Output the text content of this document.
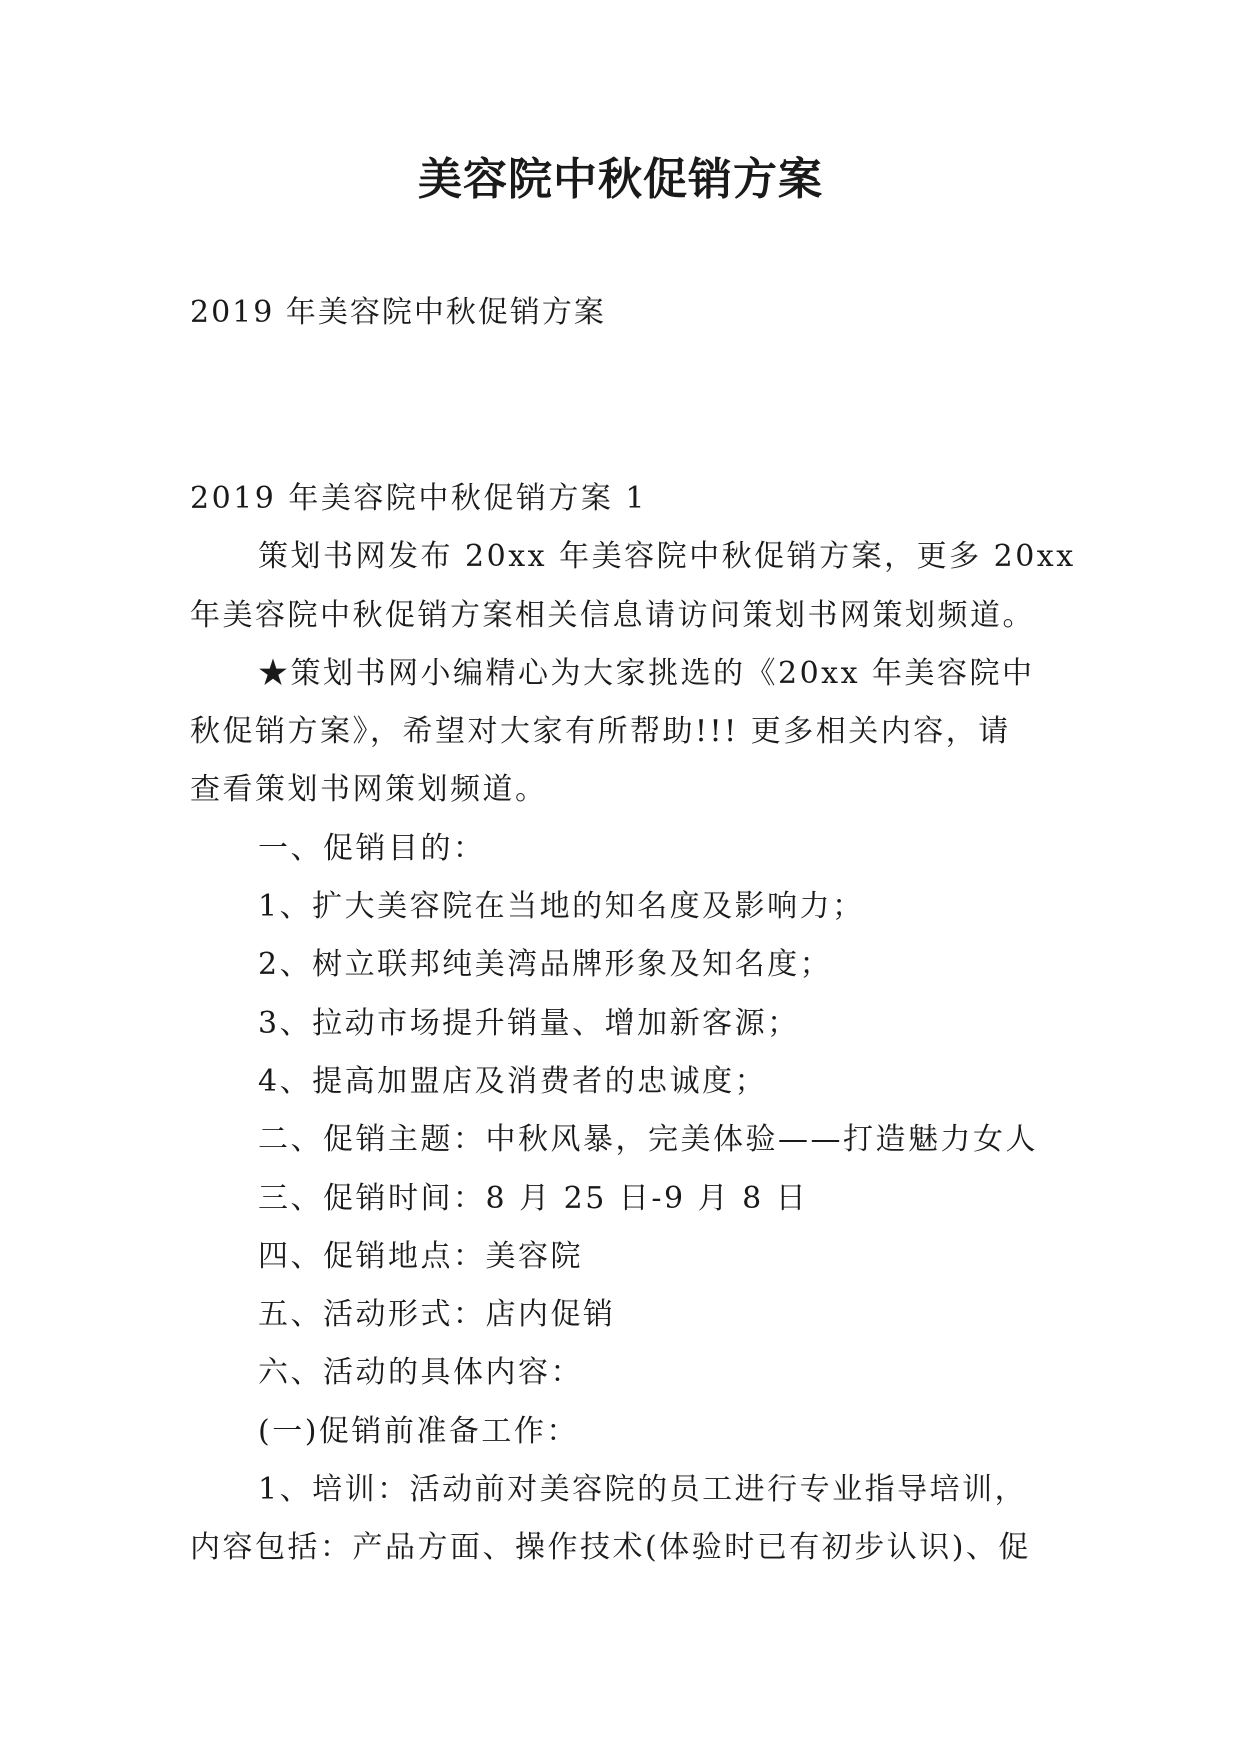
美容院中秋促销方案

2019 年美容院中秋促销方案

2019 年美容院中秋促销方案 1

策划书网发布 20xx 年美容院中秋促销方案，更多 20xx

年美容院中秋促销方案相关信息请访问策划书网策划频道。

★策划书网小编精心为大家挑选的《20xx 年美容院中

秋促销方案》，希望对大家有所帮助!!! 更多相关内容，请

查看策划书网策划频道。

一、促销目的：

1、扩大美容院在当地的知名度及影响力；

2、树立联邦纯美湾品牌形象及知名度；

3、拉动市场提升销量、增加新客源；

4、提高加盟店及消费者的忠诚度；

二、促销主题：中秋风暴，完美体验——打造魅力女人

三、促销时间：8 月 25 日-9 月 8 日

四、促销地点：美容院

五、活动形式：店内促销

六、活动的具体内容：

(一)促销前准备工作：

1、培训：活动前对美容院的员工进行专业指导培训，

内容包括：产品方面、操作技术(体验时已有初步认识)、促
